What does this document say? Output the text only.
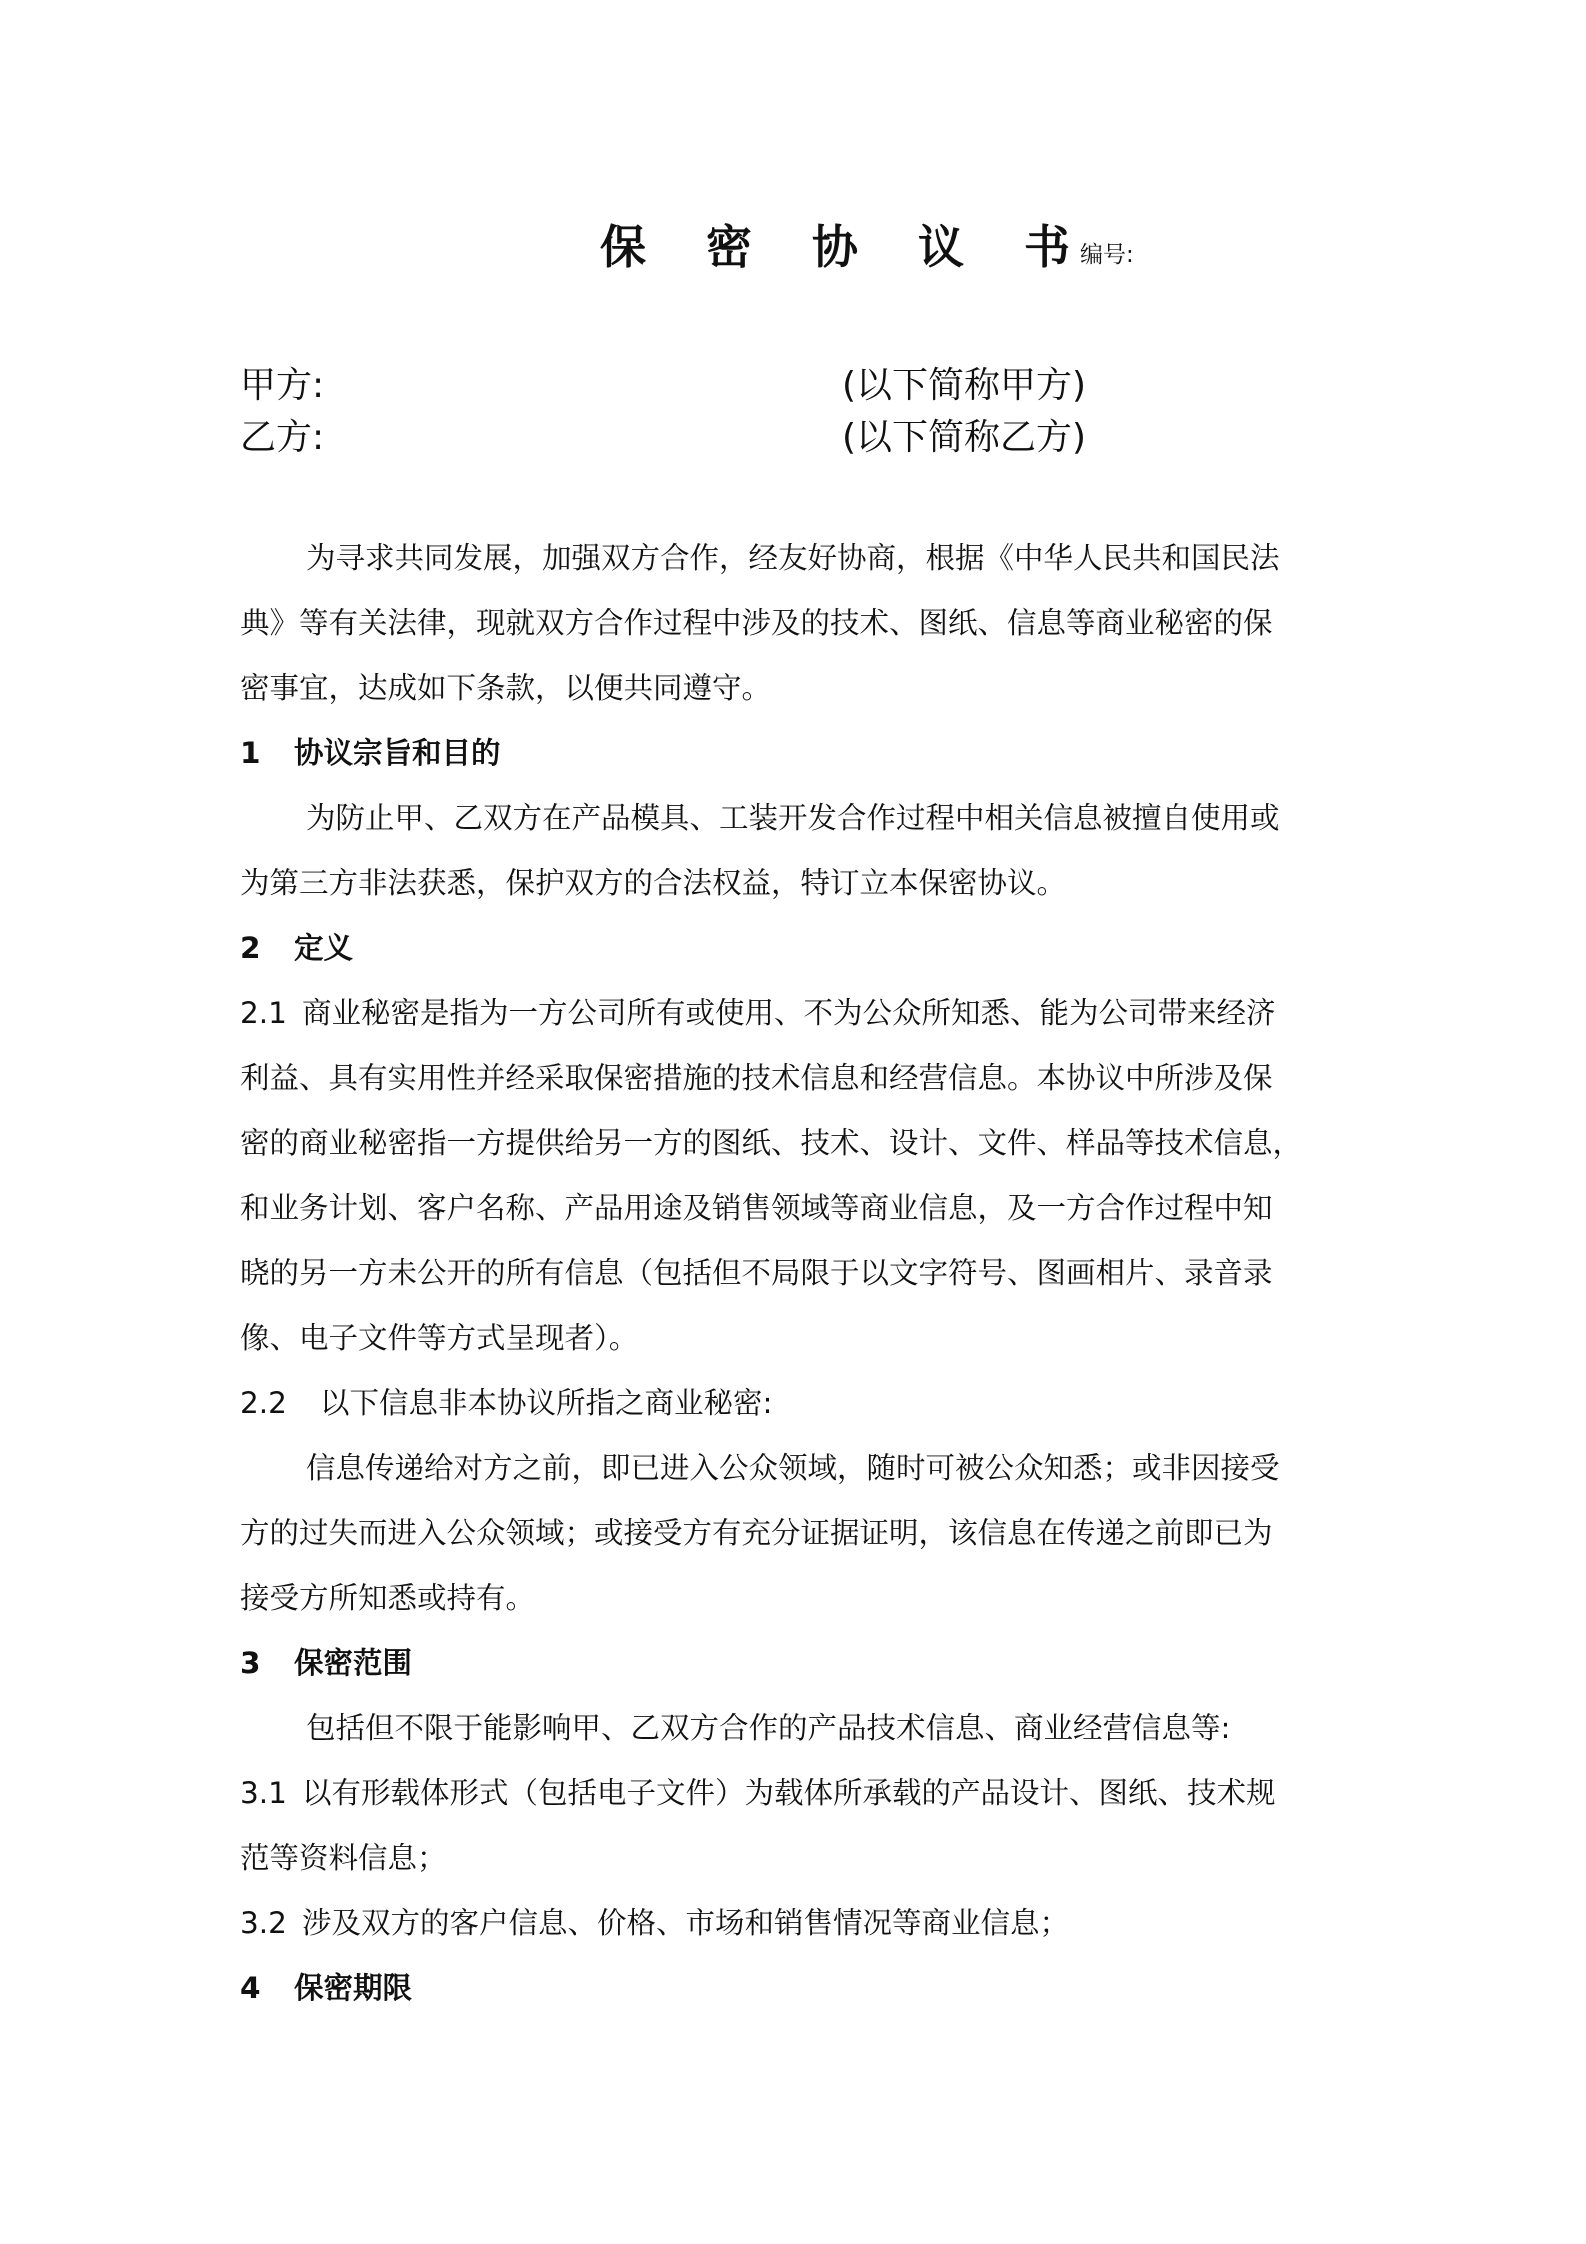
保 密 协 议 书
编号:
甲方:	(以下简称甲方)
乙方:	(以下简称乙方)

为寻求共同发展，加强双方合作，经友好协商，根据《中华人民共和国民法

典》等有关法律，现就双方合作过程中涉及的技术、图纸、信息等商业秘密的保

密事宜，达成如下条款，以便共同遵守。

1 协议宗旨和目的

为防止甲、乙双方在产品模具、工装开发合作过程中相关信息被擅自使用或

为第三方非法获悉，保护双方的合法权益，特订立本保密协议。

2 定义

2.1 商业秘密是指为一方公司所有或使用、不为公众所知悉、能为公司带来经济

利益、具有实用性并经采取保密措施的技术信息和经营信息。本协议中所涉及保

密的商业秘密指一方提供给另一方的图纸、技术、设计、文件、样品等技术信息，

和业务计划、客户名称、产品用途及销售领域等商业信息，及一方合作过程中知

晓的另一方未公开的所有信息（包括但不局限于以文字符号、图画相片、录音录

像、电子文件等方式呈现者）。

2.2 以下信息非本协议所指之商业秘密:

信息传递给对方之前，即已进入公众领域，随时可被公众知悉；或非因接受

方的过失而进入公众领域；或接受方有充分证据证明，该信息在传递之前即已为

接受方所知悉或持有。

3 保密范围

包括但不限于能影响甲、乙双方合作的产品技术信息、商业经营信息等:

3.1 以有形载体形式（包括电子文件）为载体所承载的产品设计、图纸、技术规

范等资料信息；

3.2 涉及双方的客户信息、价格、市场和销售情况等商业信息；

4 保密期限
